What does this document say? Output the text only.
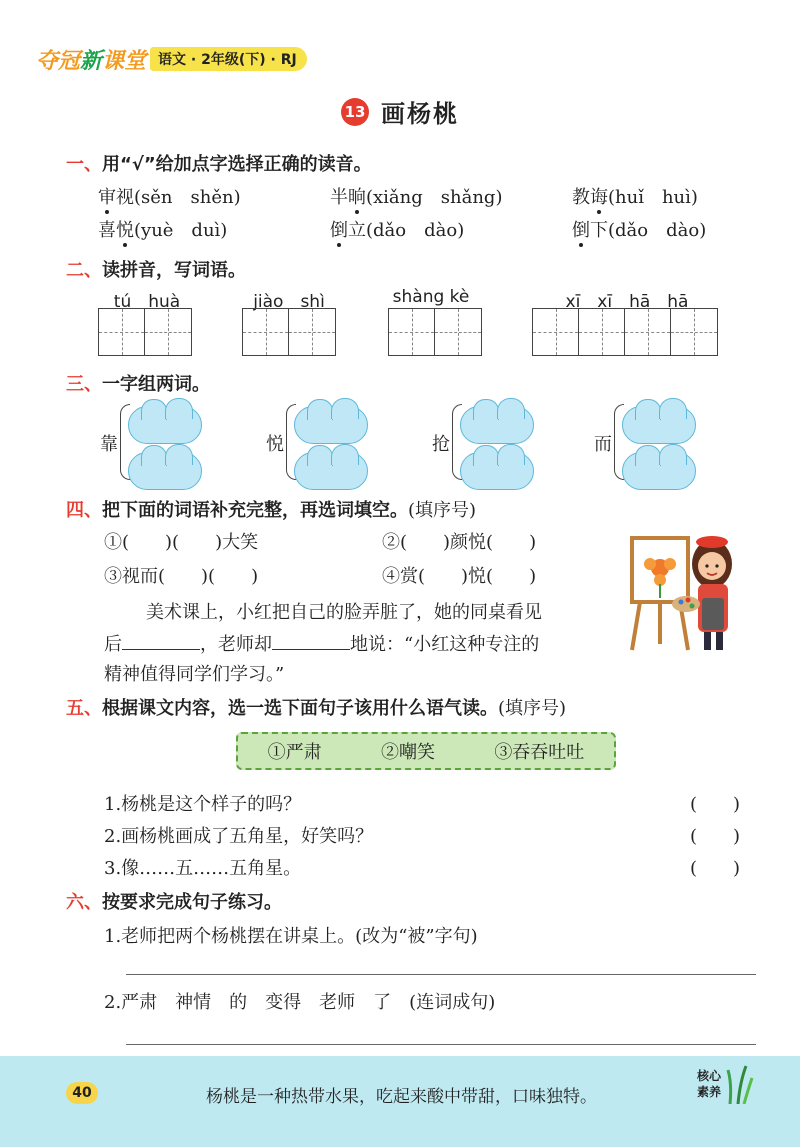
夺冠新课堂 语文 · 2年级(下) · RJ
13 画杨桃
一、用“√”给加点字选择正确的读音。
审视(sěn　shěn)	半晌(xiǎng　shǎng)	教诲(huǐ　huì)
喜悦(yuè　duì)	倒立(dǎo　dào)	倒下(dǎo　dào)
二、读拼音，写词语。
tú　huà	jiào　shì	shàng kè	xī　xī　hā　hā
三、一字组两词。
靠	悦	抢	而
四、把下面的词语补充完整，再选词填空。(填序号)
①(　　)(　　)大笑	②(　　)颜悦(　　)
③视而(　　)(　　)	④赏(　　)悦(　　)
美术课上，小红把自己的脸弄脏了，她的同桌看见
后	，老师却	地说：“小红这种专注的
精神值得同学们学习。”
五、根据课文内容，选一选下面句子该用什么语气读。(填序号)
①严肃	②嘲笑	③吞吞吐吐
1.杨桃是这个样子的吗？	(　　)
2.画杨桃画成了五角星，好笑吗？	(　　)
3.像……五……五角星。	(　　)
六、按要求完成句子练习。
1.老师把两个杨桃摆在讲桌上。(改为“被”字句)
2.严肃　神情　的　变得　老师　了　(连词成句)
40	杨桃是一种热带水果，吃起来酸中带甜，口味独特。
核心
素养
